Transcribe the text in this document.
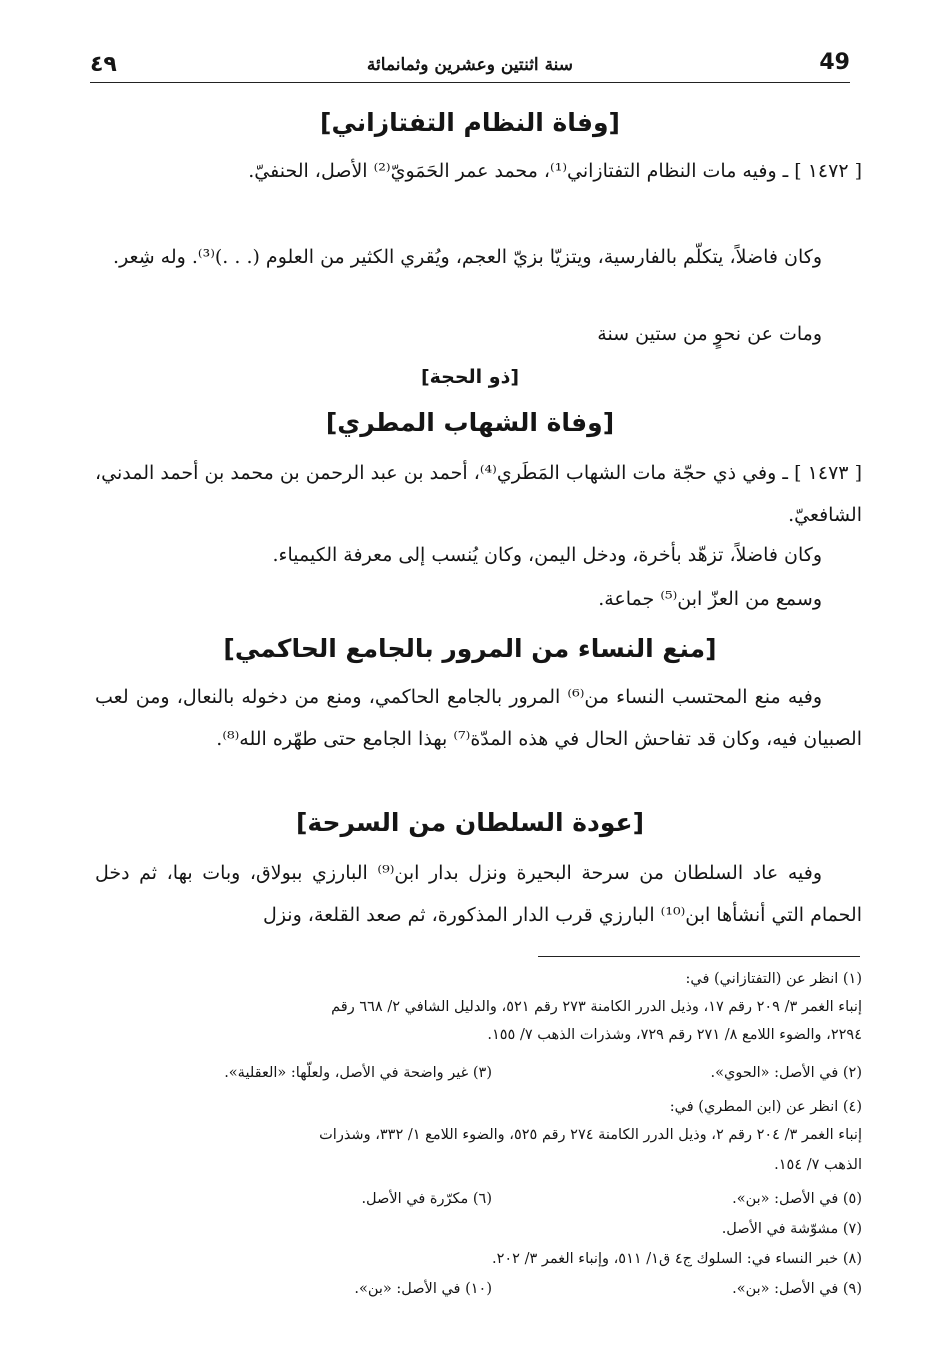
٤٩	سنة اثنتين وعشرين وثمانمائة	49
[وفاة النظام التفتازاني]
[ ١٤٧٢ ] ـ وفيه مات النظام التفتازاني⁽¹⁾، محمد عمر الحَمَويّ⁽²⁾ الأصل، الحنفيّ.
وكان فاضلاً، يتكلّم بالفارسية، ويتزيّا بزيّ العجم، ويُقري الكثير من العلوم (. . .)⁽³⁾. وله شِعر.
ومات عن نحوٍ من ستين سنة
[ذو الحجة]
[وفاة الشهاب المطري]
[ ١٤٧٣ ] ـ وفي ذي حجّة مات الشهاب المَطَري⁽⁴⁾، أحمد بن عبد الرحمن بن محمد بن أحمد المدني، الشافعيّ.
وكان فاضلاً، تزهّد بأخرة، ودخل اليمن، وكان يُنسب إلى معرفة الكيمياء.
وسمع من العزّ ابن⁽⁵⁾ جماعة.
[منع النساء من المرور بالجامع الحاكمي]
وفيه منع المحتسب النساء من⁽⁶⁾ المرور بالجامع الحاكمي، ومنع من دخوله بالنعال، ومن لعب الصبيان فيه، وكان قد تفاحش الحال في هذه المدّة⁽⁷⁾ بهذا الجامع حتى طهّره الله⁽⁸⁾.
[عودة السلطان من السرحة]
وفيه عاد السلطان من سرحة البحيرة ونزل بدار ابن⁽⁹⁾ البارزي ببولاق، وبات بها، ثم دخل الحمام التي أنشأها ابن⁽¹⁰⁾ البارزي قرب الدار المذكورة، ثم صعد القلعة، ونزل
(١) انظر عن (التفتازاني) في:
إنباء الغمر ٣/ ٢٠٩ رقم ١٧، وذيل الدرر الكامنة ٢٧٣ رقم ٥٢١، والدليل الشافي ٢/ ٦٦٨ رقم
٢٢٩٤، والضوء اللامع ٨/ ٢٧١ رقم ٧٢٩، وشذرات الذهب ٧/ ١٥٥.
(٢) في الأصل: «الحوي».
(٣) غير واضحة في الأصل، ولعلّها: «العقلية».
(٤) انظر عن (ابن المطري) في:
إنباء الغمر ٣/ ٢٠٤ رقم ٢، وذيل الدرر الكامنة ٢٧٤ رقم ٥٢٥، والضوء اللامع ١/ ٣٣٢، وشذرات
الذهب ٧/ ١٥٤.
(٥) في الأصل: «بن».
(٦) مكرّرة في الأصل.
(٧) مشوّشة في الأصل.
(٨) خبر النساء في: السلوك ج٤ ق١/ ٥١١، وإنباء الغمر ٣/ ٢٠٢.
(٩) في الأصل: «بن».
(١٠) في الأصل: «بن».
